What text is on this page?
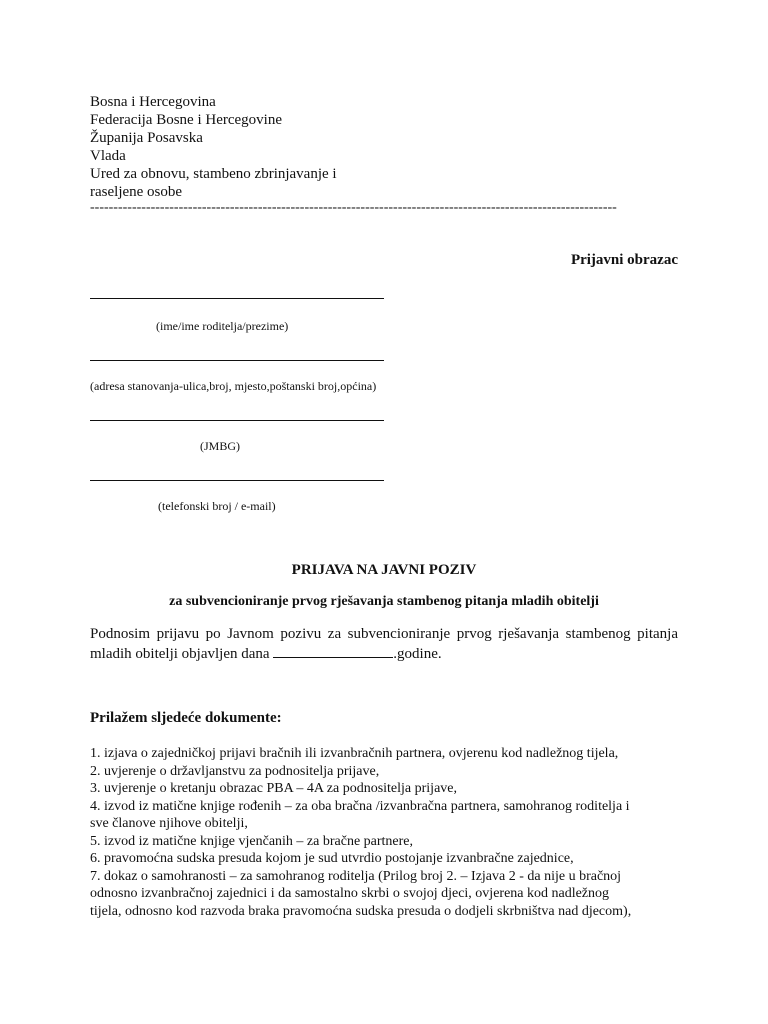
Bosna i Hercegovina
Federacija Bosne i Hercegovine
Županija Posavska
Vlada
Ured za obnovu, stambeno zbrinjavanje i
raseljene osobe
-----------------------------------------------------------------------------------------------------------------
Prijavni obrazac
(ime/ime roditelja/prezime)
(adresa stanovanja-ulica,broj, mjesto,poštanski broj,općina)
(JMBG)
(telefonski broj / e-mail)
PRIJAVA NA JAVNI POZIV
za subvencioniranje prvog rješavanja stambenog pitanja mladih obitelji
Podnosim prijavu po Javnom pozivu za subvencioniranje prvog rješavanja stambenog pitanja mladih obitelji objavljen dana	.godine.
Prilažem sljedeće dokumente:
1. izjava o zajedničkoj prijavi bračnih ili izvanbračnih partnera, ovjerenu kod nadležnog tijela,
2. uvjerenje o državljanstvu za podnositelja prijave,
3. uvjerenje o kretanju obrazac PBA – 4A za podnositelja prijave,
4. izvod iz matične knjige rođenih – za oba bračna /izvanbračna partnera, samohranog roditelja i
sve članove njihove obitelji,
5. izvod iz matične knjige vjenčanih – za bračne partnere,
6. pravomoćna sudska presuda kojom je sud utvrdio postojanje izvanbračne zajednice,
7. dokaz o samohranosti – za samohranog roditelja (Prilog broj 2. – Izjava 2 - da nije u bračnoj
odnosno izvanbračnoj zajednici i da samostalno skrbi o svojoj djeci, ovjerena kod nadležnog
tijela, odnosno kod razvoda braka pravomoćna sudska presuda o dodjeli skrbništva nad djecom),
